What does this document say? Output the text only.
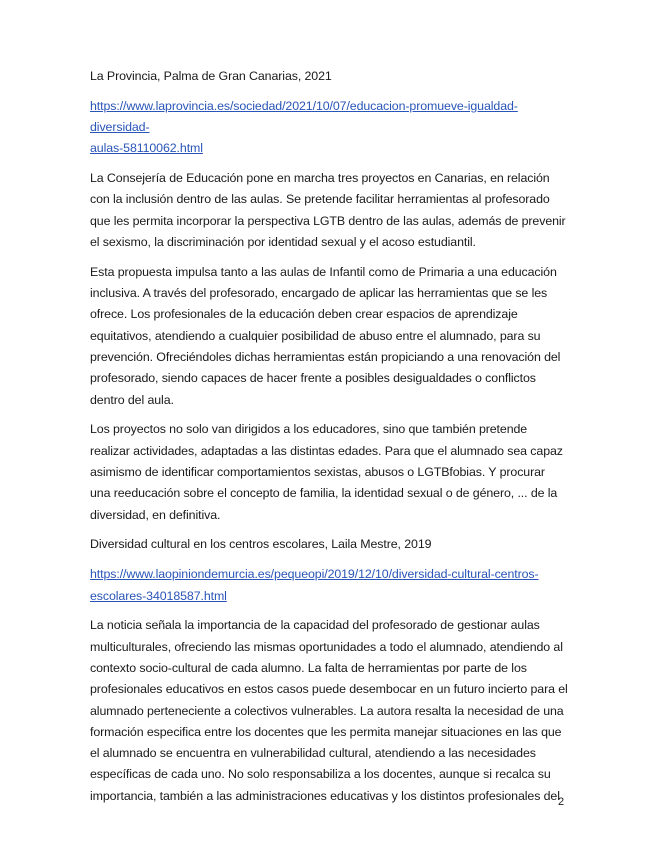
La Provincia, Palma de Gran Canarias, 2021

https://www.laprovincia.es/sociedad/2021/10/07/educacion-promueve-igualdad-diversidad-
aulas-58110062.html

La Consejería de Educación pone en marcha tres proyectos en Canarias, en relación con la inclusión dentro de las aulas. Se pretende facilitar herramientas al profesorado que les permita incorporar la perspectiva LGTB dentro de las aulas, además de prevenir el sexismo, la discriminación por identidad sexual y el acoso estudiantil.

Esta propuesta impulsa tanto a las aulas de Infantil como de Primaria a una educación inclusiva. A través del profesorado, encargado de aplicar las herramientas que se les ofrece. Los profesionales de la educación deben crear espacios de aprendizaje equitativos, atendiendo a cualquier posibilidad de abuso entre el alumnado, para su prevención. Ofreciéndoles dichas herramientas están propiciando a una renovación del profesorado, siendo capaces de hacer frente a posibles desigualdades o conflictos dentro del aula.

Los proyectos no solo van dirigidos a los educadores, sino que también pretende realizar actividades, adaptadas a las distintas edades. Para que el alumnado sea capaz asimismo de identificar comportamientos sexistas, abusos o LGTBfobias. Y procurar una reeducación sobre el concepto de familia, la identidad sexual o de género, ... de la diversidad, en definitiva.

Diversidad cultural en los centros escolares, Laila Mestre, 2019

https://www.laopiniondemurcia.es/pequeopi/2019/12/10/diversidad-cultural-centros-
escolares-34018587.html

La noticia señala la importancia de la capacidad del profesorado de gestionar aulas multiculturales, ofreciendo las mismas oportunidades a todo el alumnado, atendiendo al contexto socio-cultural de cada alumno. La falta de herramientas por parte de los profesionales educativos en estos casos puede desembocar en un futuro incierto para el alumnado perteneciente a colectivos vulnerables. La autora resalta la necesidad de una formación especifica entre los docentes que les permita manejar situaciones en las que el alumnado se encuentra en vulnerabilidad cultural, atendiendo a las necesidades específicas de cada uno. No solo responsabiliza a los docentes, aunque si recalca su importancia, también a las administraciones educativas y los distintos profesionales del

2
